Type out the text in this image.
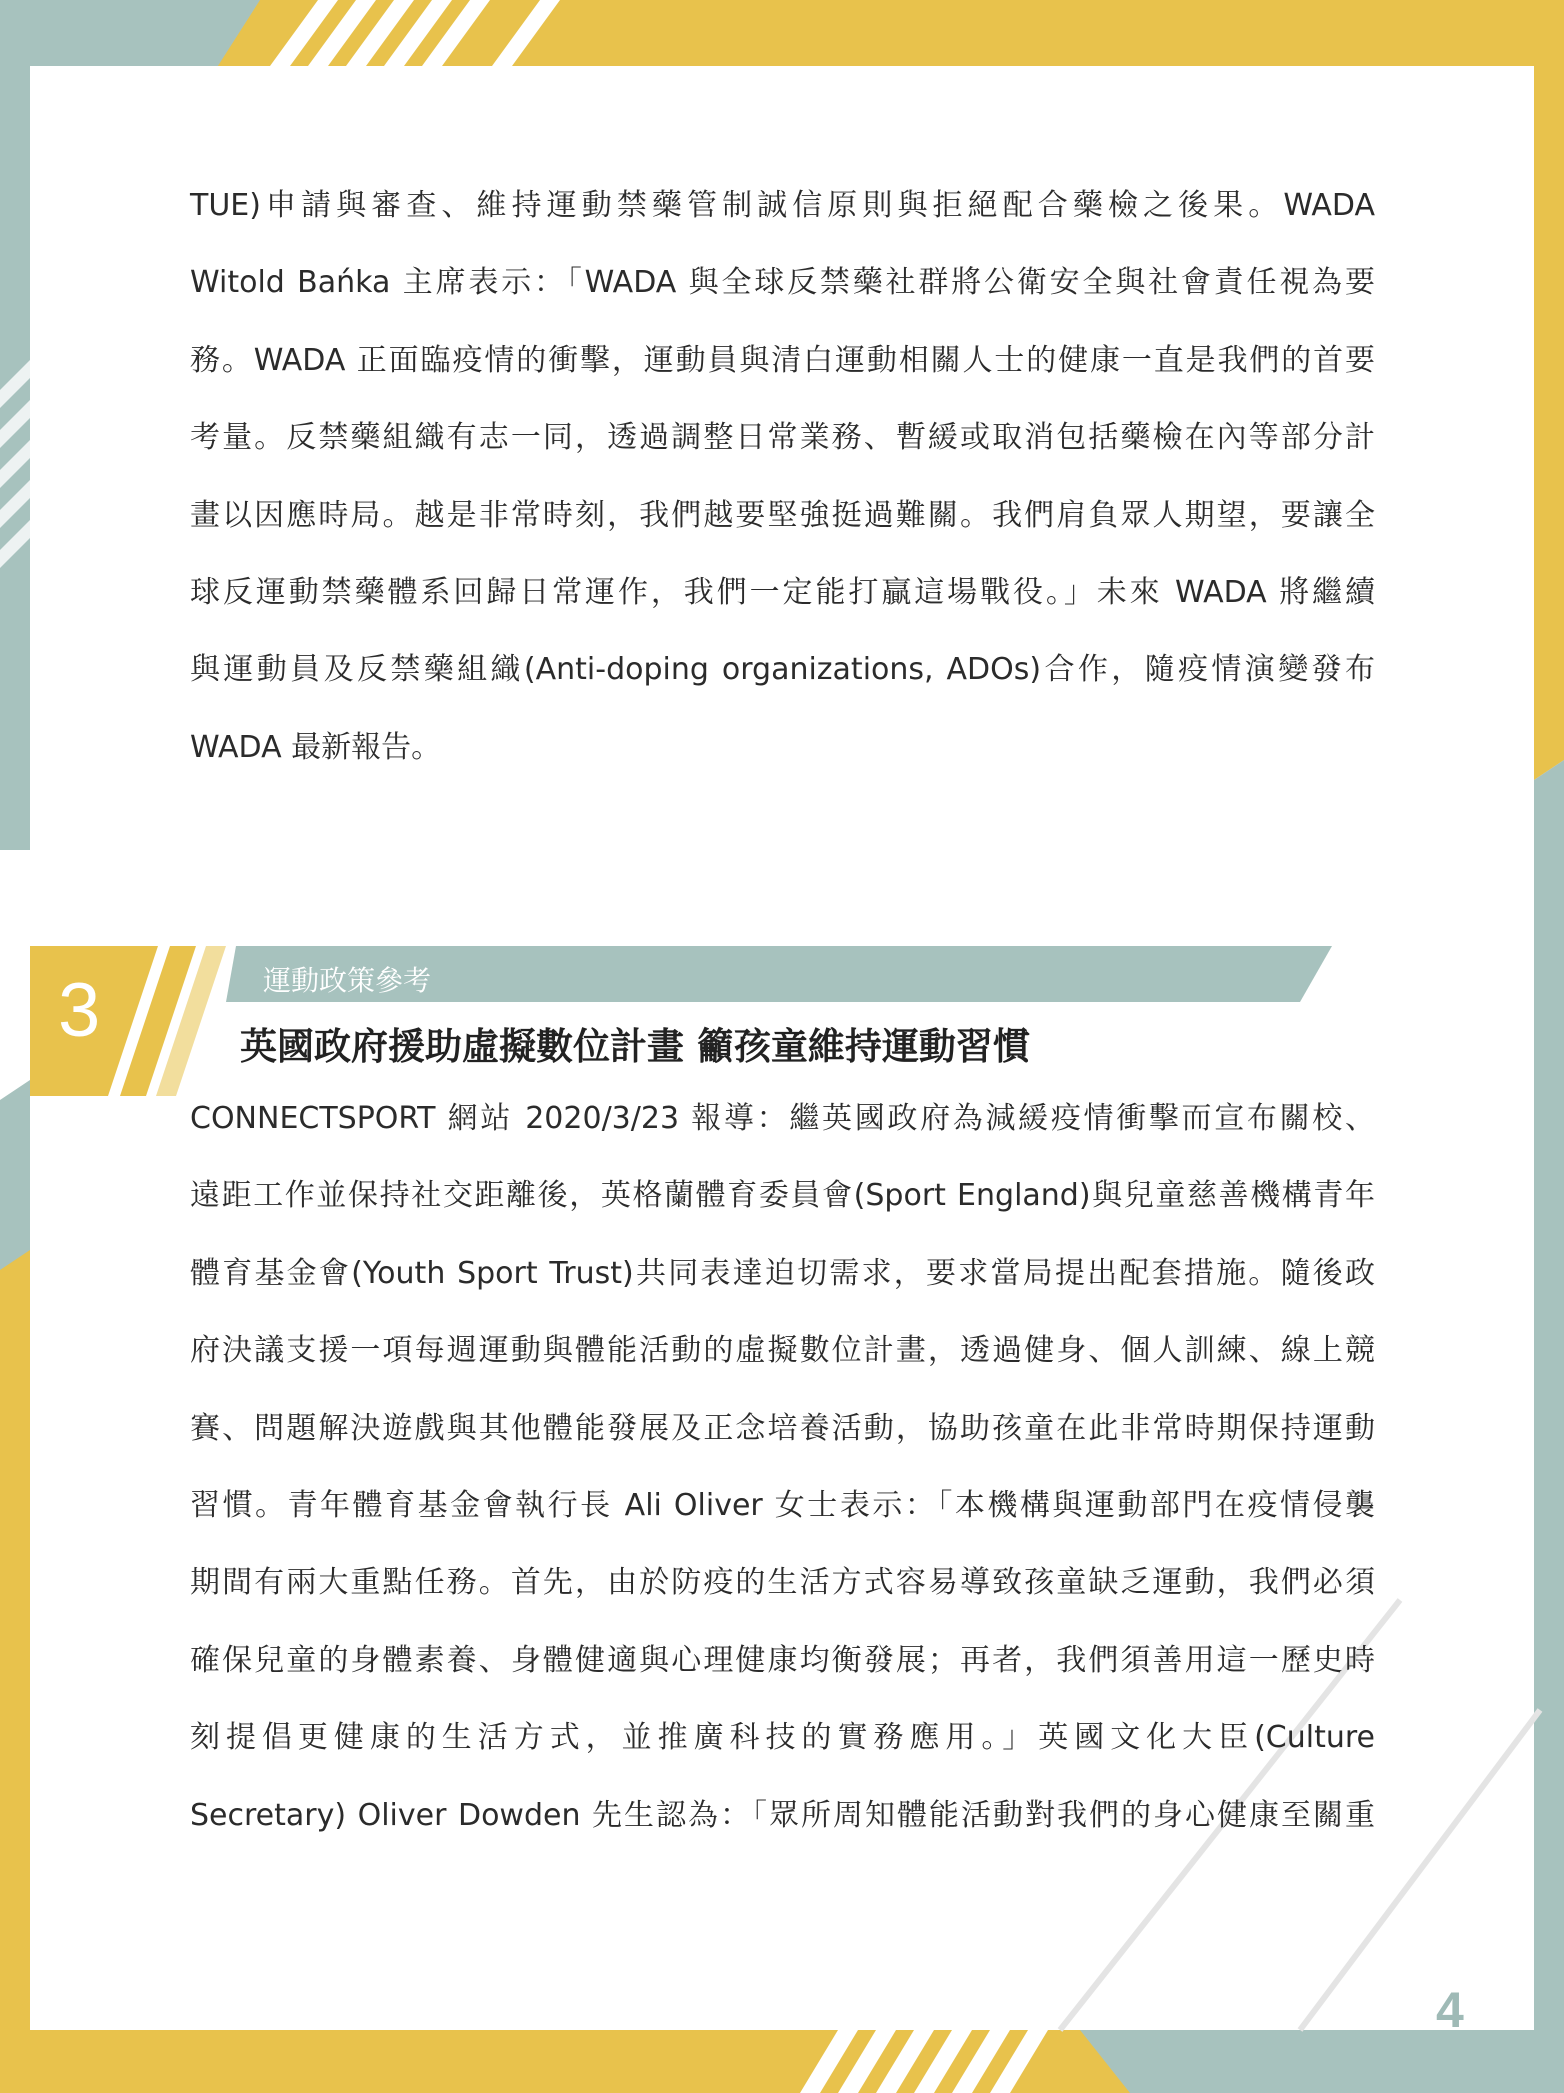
TUE)申請與審查、維持運動禁藥管制誠信原則與拒絕配合藥檢之後果。WADA
Witold Bańka 主席表示：「WADA 與全球反禁藥社群將公衛安全與社會責任視為要
務。WADA 正面臨疫情的衝擊，運動員與清白運動相關人士的健康一直是我們的首要
考量。反禁藥組織有志一同，透過調整日常業務、暫緩或取消包括藥檢在內等部分計
畫以因應時局。越是非常時刻，我們越要堅強挺過難關。我們肩負眾人期望，要讓全
球反運動禁藥體系回歸日常運作，我們一定能打贏這場戰役。」未來 WADA 將繼續
與運動員及反禁藥組織(Anti-doping organizations, ADOs)合作，隨疫情演變發布
WADA 最新報告。
3	運動政策參考
英國政府援助虛擬數位計畫 籲孩童維持運動習慣
CONNECTSPORT 網站 2020/3/23 報導：繼英國政府為減緩疫情衝擊而宣布關校、
遠距工作並保持社交距離後，英格蘭體育委員會(Sport England)與兒童慈善機構青年
體育基金會(Youth Sport Trust)共同表達迫切需求，要求當局提出配套措施。隨後政
府決議支援一項每週運動與體能活動的虛擬數位計畫，透過健身、個人訓練、線上競
賽、問題解決遊戲與其他體能發展及正念培養活動，協助孩童在此非常時期保持運動
習慣。青年體育基金會執行長 Ali Oliver 女士表示：「本機構與運動部門在疫情侵襲
期間有兩大重點任務。首先，由於防疫的生活方式容易導致孩童缺乏運動，我們必須
確保兒童的身體素養、身體健適與心理健康均衡發展；再者，我們須善用這一歷史時
刻提倡更健康的生活方式，並推廣科技的實務應用。」英國文化大臣(Culture
Secretary) Oliver Dowden 先生認為：「眾所周知體能活動對我們的身心健康至關重
4
